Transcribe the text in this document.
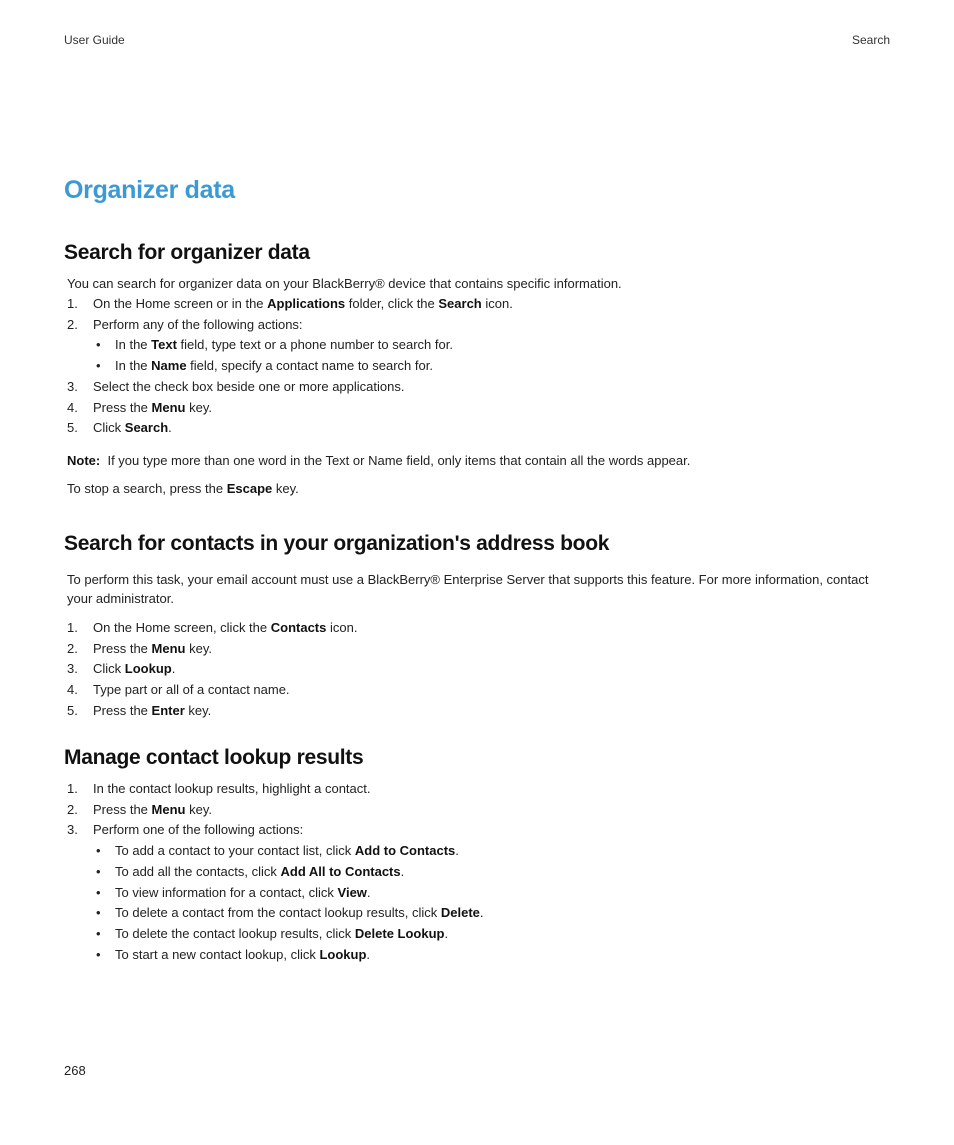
User Guide	Search
Organizer data
Search for organizer data

You can search for organizer data on your BlackBerry® device that contains specific information.

1. On the Home screen or in the Applications folder, click the Search icon.
2. Perform any of the following actions:
• In the Text field, type text or a phone number to search for.
• In the Name field, specify a contact name to search for.
3. Select the check box beside one or more applications.
4. Press the Menu key.
5. Click Search.

Note: If you type more than one word in the Text or Name field, only items that contain all the words appear.

To stop a search, press the Escape key.

Search for contacts in your organization's address book

To perform this task, your email account must use a BlackBerry® Enterprise Server that supports this feature. For more information, contact
your administrator.

1. On the Home screen, click the Contacts icon.
2. Press the Menu key.
3. Click Lookup.
4. Type part or all of a contact name.
5. Press the Enter key.
Manage contact lookup results
1. In the contact lookup results, highlight a contact.
2. Press the Menu key.
3. Perform one of the following actions:
• To add a contact to your contact list, click Add to Contacts.
• To add all the contacts, click Add All to Contacts.
• To view information for a contact, click View.
• To delete a contact from the contact lookup results, click Delete.
• To delete the contact lookup results, click Delete Lookup.
• To start a new contact lookup, click Lookup.
268
